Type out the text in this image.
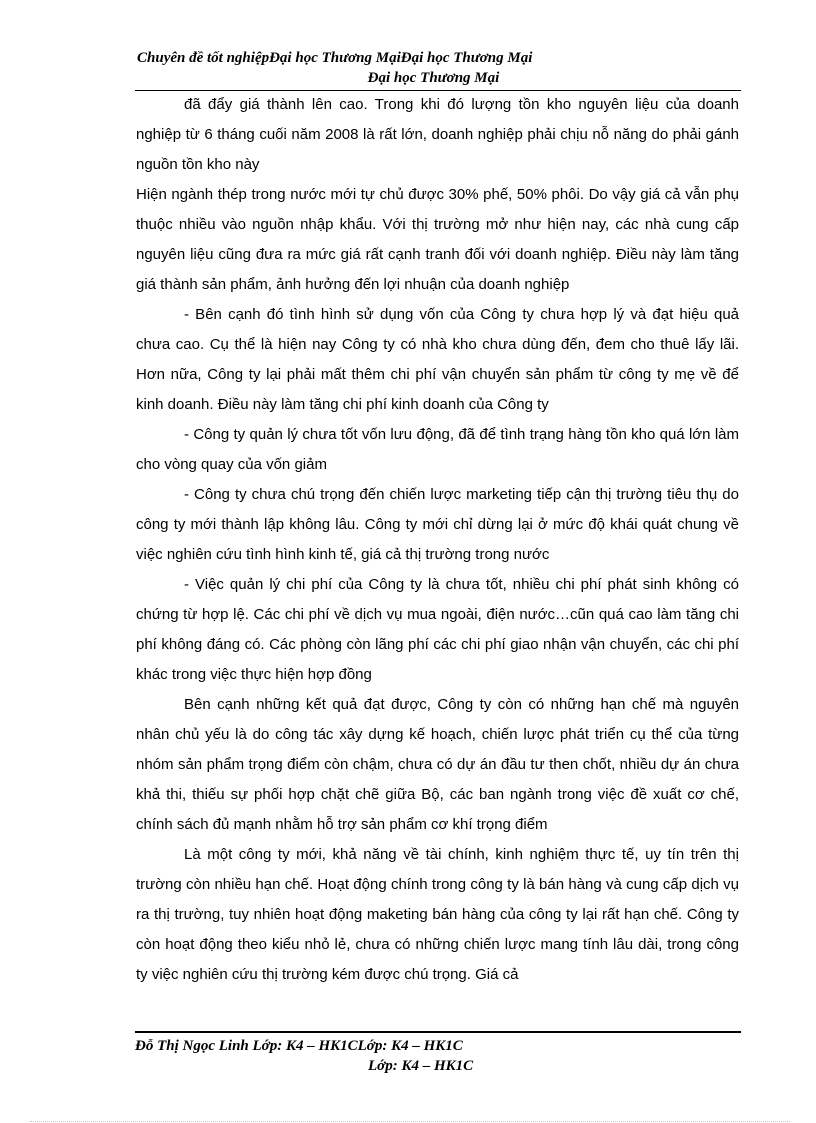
Chuyên đề tốt nghiệpĐại học Thương MạiĐại học Thương Mại
Đại học Thương Mại

đã đẩy giá thành lên cao. Trong khi đó lượng tồn kho nguyên liệu của doanh nghiệp từ 6 tháng cuối năm 2008 là rất lớn, doanh nghiệp phải chịu nỗ năng do phải gánh nguồn tồn kho này

Hiện ngành thép trong nước mới tự chủ được 30% phế, 50% phôi. Do vậy giá cả vẫn phụ thuộc nhiều vào nguồn nhập khẩu. Với thị trường mở như hiện nay, các nhà cung cấp nguyên liệu cũng đưa ra mức giá rất cạnh tranh đối với doanh nghiệp. Điều này làm tăng giá thành sản phẩm, ảnh hưởng đến lợi nhuận của doanh nghiệp

- Bên cạnh đó tình hình sử dụng vốn của Công ty chưa hợp lý và đạt hiệu quả chưa cao. Cụ thể là hiện nay Công ty có nhà kho chưa dùng đến, đem cho thuê lấy lãi. Hơn nữa, Công ty lại phải mất thêm chi phí vận chuyển sản phẩm từ công ty mẹ về để kinh doanh. Điều này làm tăng chi phí kinh doanh của Công ty

- Công ty quản lý chưa tốt vốn lưu động, đã để tình trạng hàng tồn kho quá lớn làm cho vòng quay của vốn giảm

- Công ty chưa chú trọng đến chiến lược marketing tiếp cận thị trường tiêu thụ do công ty mới thành lập không lâu. Công ty mới chỉ dừng lại ở mức độ khái quát chung về việc nghiên cứu tình hình kinh tế, giá cả thị trường trong nước

- Việc quản lý chi phí của Công ty là chưa tốt, nhiều chi phí phát sinh không có chứng từ hợp lệ. Các chi phí về dịch vụ mua ngoài, điện nước…cũn quá cao làm tăng chi phí không đáng có. Các phòng còn lãng phí các chi phí giao nhận vận chuyển, các chi phí khác trong việc thực hiện hợp đồng

Bên cạnh những kết quả đạt được, Công ty còn có những hạn chế mà nguyên nhân chủ yếu là do công tác xây dựng kế hoạch, chiến lược phát triển cụ thể của từng nhóm sản phẩm trọng điểm còn chậm, chưa có dự án đầu tư then chốt, nhiều dự án chưa khả thi, thiếu sự phối hợp chặt chẽ giữa Bộ, các ban ngành trong việc đề xuất cơ chế, chính sách đủ mạnh nhằm hỗ trợ sản phẩm cơ khí trọng điểm

Là một công ty mới, khả năng về tài chính, kinh nghiệm thực tế, uy tín trên thị trường còn nhiều hạn chế. Hoạt động chính trong công ty là bán hàng và cung cấp dịch vụ ra thị trường, tuy nhiên hoạt động maketing bán hàng của công ty lại rất hạn chế. Công ty còn hoạt động theo kiểu nhỏ lẻ, chưa có những chiến lược mang tính lâu dài, trong công ty việc nghiên cứu thị trường kém được chú trọng. Giá cả

Đỗ Thị Ngọc Linh Lớp: K4 – HK1CLớp: K4 – HK1C
Lớp: K4 – HK1C
